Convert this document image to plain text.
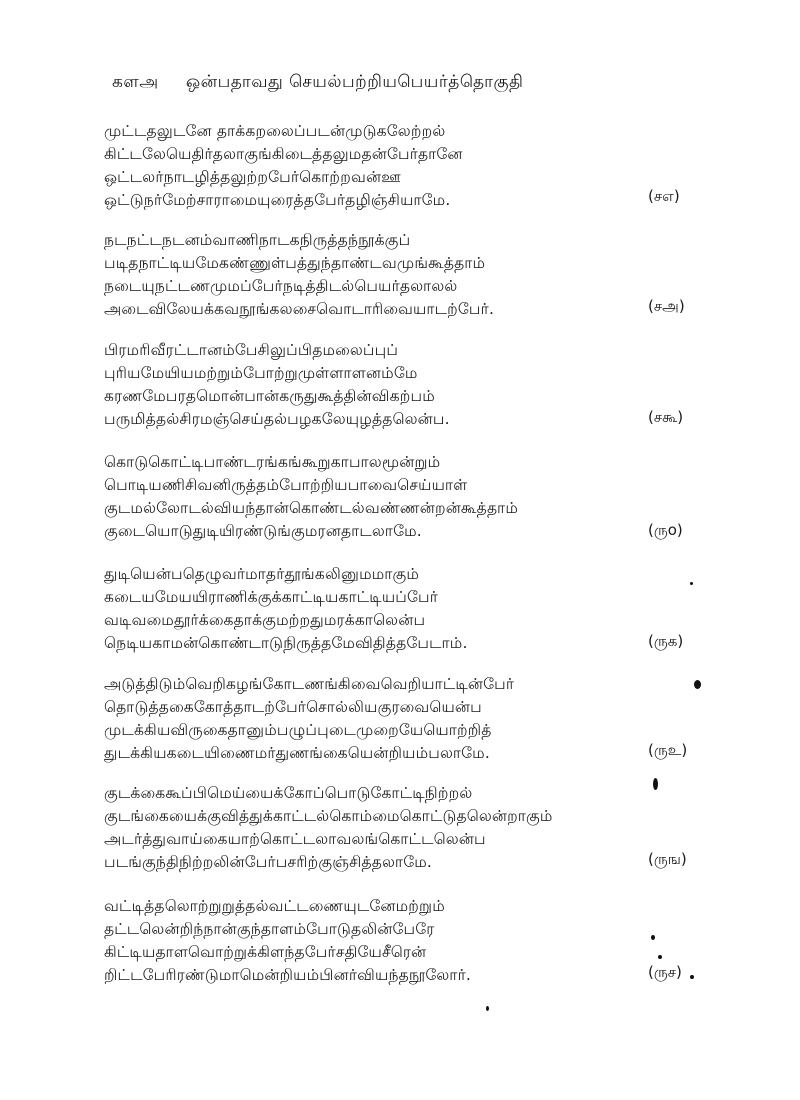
களஅ ஒன்பதாவது செயல்பற்றியபெயர்த்தொகுதி
முட்டதலுடனே தாக்கறலைப்படன்முடுகலேற்றல்
கிட்டலேயெதிர்தலாகுங்கிடைத்தலுமதன்பேர்தானே
ஒட்டலர்நாடழித்தலுற்றபேர்கொற்றவன்ஊ
ஒட்டுநர்மேற்சாராமையுரைத்தபேர்தழிஞ்சியாமே.	(சஎ)
நடநட்டநடனம்வாணிநாடகநிருத்தந்நூக்குப்
படிதநாட்டியமேகண்ணுள்பத்துந்தாண்டவமுங்கூத்தாம்
நடையுநட்டணமுமப்பேர்நடித்திடல்பெயர்தலாலல்
அடைவிலேயக்கவநூங்கலசைவொடாரிவையாடற்பேர்.	(சஅ)
பிரமரிவீரட்டானம்பேசிலுப்பிதமலைப்புப்
புரியமேயியமற்றும்போற்றுமுள்ளாளனம்மே
கரணமேபரதமொன்பான்கருதுகூத்தின்விகற்பம்
பருமித்தல்சிரமஞ்செய்தல்பழகலேயுழத்தலென்ப.	(சகூ)
கொடுகொட்டிபாண்டரங்கங்கூறுகாபாலமூன்றும்
பொடியணிசிவனிருத்தம்போற்றியபாவைசெய்யாள்
குடமல்லோடல்வியந்தான்கொண்டல்வண்ணன்றன்கூத்தாம்
குடையொடுதுடியிரண்டுங்குமரனதாடலாமே.	(ருo)
துடியென்பதெழுவர்மாதர்தூங்கலினுமமாகும்
கடையமேயயிராணிக்குக்காட்டியகாட்டியப்பேர்
வடிவமைதூர்க்கைதாக்குமற்றதுமரக்காலென்ப
நெடியகாமன்கொண்டாடுநிருத்தமேவிதித்தபேடாம்.	(ருக)
அடுத்திடும்வெறிகழங்கோடணங்கிவைவெறியாட்டின்பேர்
தொடுத்தகைகோத்தாடற்பேர்சொல்லியகுரவையென்ப
முடக்கியவிருகைதானும்பழுப்புடைமுறையேயொற்றித்
துடக்கியகடையிணைமர்துணங்கையென்றியம்பலாமே.	(ருஉ)
குடக்கைகூப்பிமெய்யைக்கோப்பொடுகோட்டிநிற்றல்
குடங்கையைக்குவித்துக்காட்டல்கொம்மைகொட்டுதலென்றாகும்
அடர்த்துவாய்கையாற்கொட்டலாவலங்கொட்டலென்ப
படங்குந்திநிற்றலின்பேர்பசரிற்குஞ்சித்தலாமே.	(ருங)
வட்டித்தலொற்றுறுத்தல்வட்டணையுடனேமற்றும்
தட்டலென்றிந்நான்குந்தாளம்போடுதலின்பேரே
கிட்டியதாளவொற்றுக்கிளந்தபேர்சதியேசீரென்
றிட்டபேரிரண்டுமாமென்றியம்பினர்வியந்தநூலோர்.	(ருச)
